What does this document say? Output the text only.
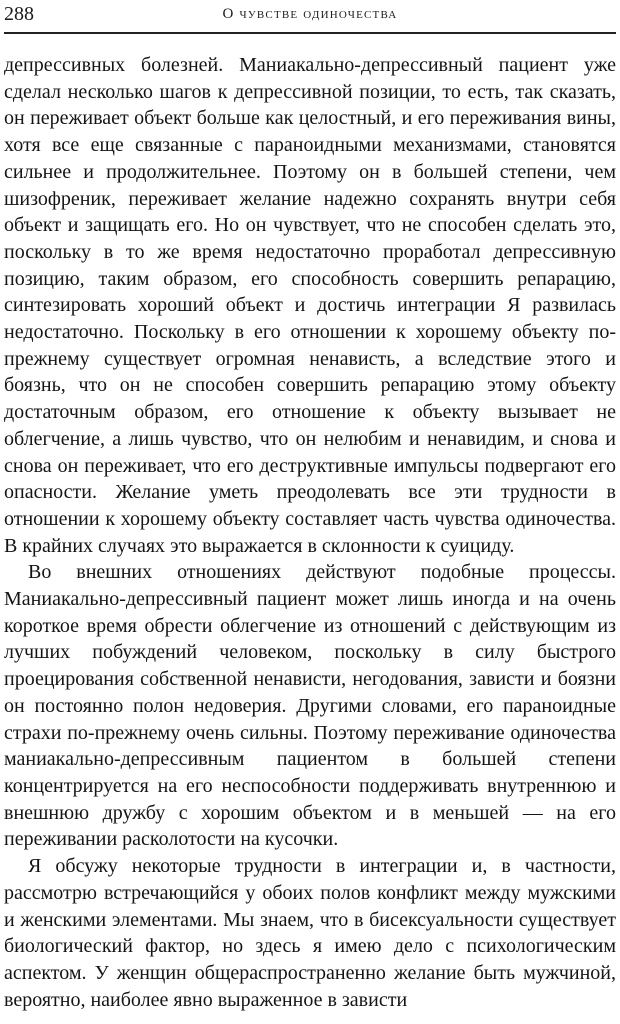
288	О чувстве одиночества

депрессивных болезней. Маниакально-депрессивный пациент уже сделал несколько шагов к депрессивной позиции, то есть, так сказать, он переживает объект больше как целостный, и его переживания вины, хотя все еще связанные с параноидными механизмами, становятся сильнее и продолжительнее. Поэтому он в большей степени, чем шизофреник, переживает желание надежно сохранять внутри себя объект и защищать его. Но он чувствует, что не способен сделать это, поскольку в то же время недостаточно проработал депрессивную позицию, таким образом, его способность совершить репарацию, синтезировать хороший объект и достичь интеграции Я развилась недостаточно. Поскольку в его отношении к хорошему объекту по-прежнему существует огромная ненависть, а вследствие этого и боязнь, что он не способен совершить репарацию этому объекту достаточным образом, его отношение к объекту вызывает не облегчение, а лишь чувство, что он нелюбим и ненавидим, и снова и снова он переживает, что его деструктивные импульсы подвергают его опасности. Желание уметь преодолевать все эти трудности в отношении к хорошему объекту составляет часть чувства одиночества. В крайних случаях это выражается в склонности к суициду.

Во внешних отношениях действуют подобные процессы. Маниакально-депрессивный пациент может лишь иногда и на очень короткое время обрести облегчение из отношений с действующим из лучших побуждений человеком, поскольку в силу быстрого проецирования собственной ненависти, негодования, зависти и боязни он постоянно полон недоверия. Другими словами, его параноидные страхи по-прежнему очень сильны. Поэтому переживание одиночества маниакально-депрессивным пациентом в большей степени концентрируется на его неспособности поддерживать внутреннюю и внешнюю дружбу с хорошим объектом и в меньшей — на его переживании расколотости на кусочки.

Я обсужу некоторые трудности в интеграции и, в частности, рассмотрю встречающийся у обоих полов конфликт между мужскими и женскими элементами. Мы знаем, что в бисексуальности существует биологический фактор, но здесь я имею дело с психологическим аспектом. У женщин общераспространенно желание быть мужчиной, вероятно, наиболее явно выраженное в зависти
